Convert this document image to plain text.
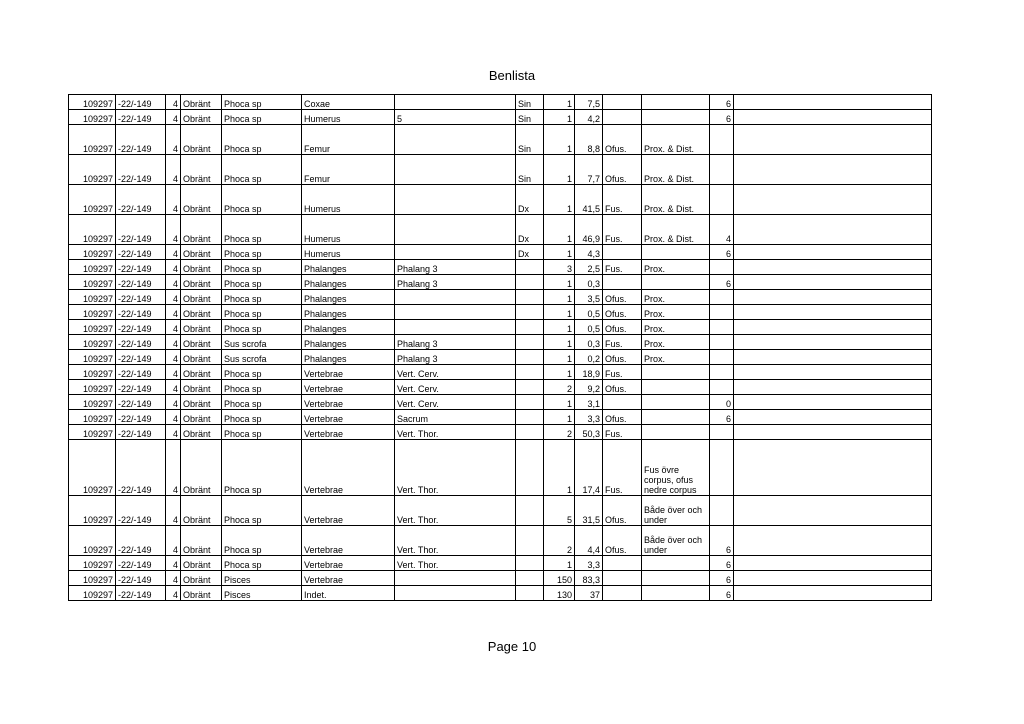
Benlista
109297	-22/-149	4	Obränt	Phoca sp	Coxae		Sin	1	7,5			6	
109297	-22/-149	4	Obränt	Phoca sp	Humerus	5	Sin	1	4,2			6	
109297	-22/-149	4	Obränt	Phoca sp	Femur		Sin	1	8,8	Ofus.	Prox. & Dist.		
109297	-22/-149	4	Obränt	Phoca sp	Femur		Sin	1	7,7	Ofus.	Prox. & Dist.		
109297	-22/-149	4	Obränt	Phoca sp	Humerus		Dx	1	41,5	Fus.	Prox. & Dist.		
109297	-22/-149	4	Obränt	Phoca sp	Humerus		Dx	1	46,9	Fus.	Prox. & Dist.	4	
109297	-22/-149	4	Obränt	Phoca sp	Humerus		Dx	1	4,3			6	
109297	-22/-149	4	Obränt	Phoca sp	Phalanges	Phalang 3		3	2,5	Fus.	Prox.		
109297	-22/-149	4	Obränt	Phoca sp	Phalanges	Phalang 3		1	0,3			6	
109297	-22/-149	4	Obränt	Phoca sp	Phalanges			1	3,5	Ofus.	Prox.		
109297	-22/-149	4	Obränt	Phoca sp	Phalanges			1	0,5	Ofus.	Prox.		
109297	-22/-149	4	Obränt	Phoca sp	Phalanges			1	0,5	Ofus.	Prox.		
109297	-22/-149	4	Obränt	Sus scrofa	Phalanges	Phalang 3		1	0,3	Fus.	Prox.		
109297	-22/-149	4	Obränt	Sus scrofa	Phalanges	Phalang 3		1	0,2	Ofus.	Prox.		
109297	-22/-149	4	Obränt	Phoca sp	Vertebrae	Vert. Cerv.		1	18,9	Fus.			
109297	-22/-149	4	Obränt	Phoca sp	Vertebrae	Vert. Cerv.		2	9,2	Ofus.			
109297	-22/-149	4	Obränt	Phoca sp	Vertebrae	Vert. Cerv.		1	3,1			0	
109297	-22/-149	4	Obränt	Phoca sp	Vertebrae	Sacrum		1	3,3	Ofus.		6	
109297	-22/-149	4	Obränt	Phoca sp	Vertebrae	Vert. Thor.		2	50,3	Fus.			
109297	-22/-149	4	Obränt	Phoca sp	Vertebrae	Vert. Thor.		1	17,4	Fus.	Fus övre corpus, ofus nedre corpus		
109297	-22/-149	4	Obränt	Phoca sp	Vertebrae	Vert. Thor.		5	31,5	Ofus.	Både över och under		
109297	-22/-149	4	Obränt	Phoca sp	Vertebrae	Vert. Thor.		2	4,4	Ofus.	Både över och under	6	
109297	-22/-149	4	Obränt	Phoca sp	Vertebrae	Vert. Thor.		1	3,3			6	
109297	-22/-149	4	Obränt	Pisces	Vertebrae			150	83,3			6	
109297	-22/-149	4	Obränt	Pisces	Indet.			130	37			6	
Page 10
